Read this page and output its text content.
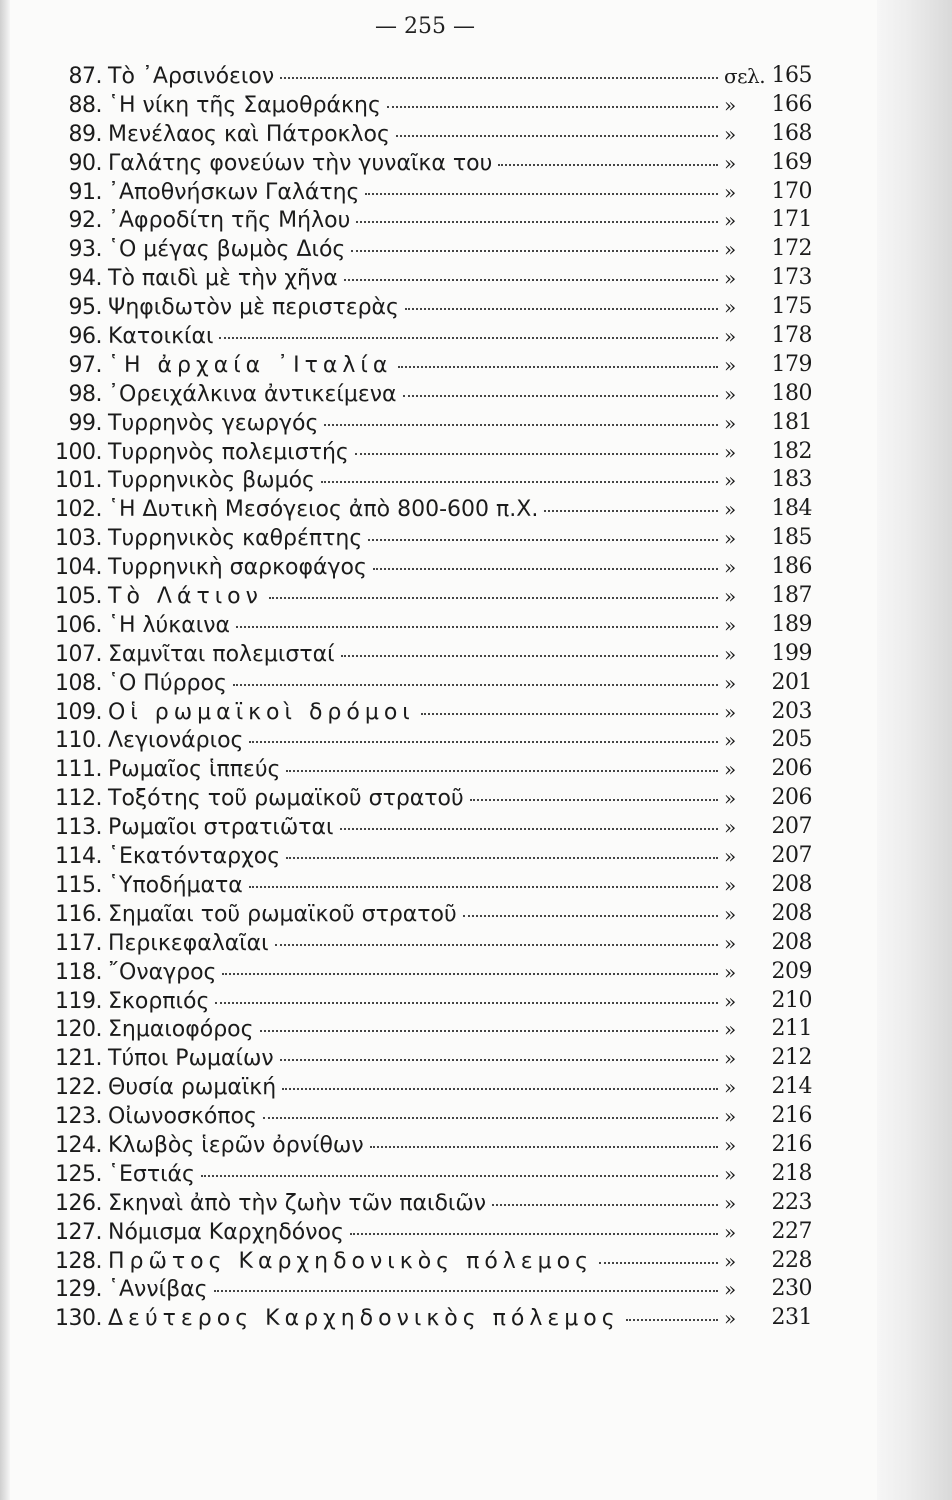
— 255 —
87. Τὸ ᾿Αρσινόειον	σελ. 165
88. ῾Η νίκη τῆς Σαμοθράκης	» 166
89. Μενέλαος καὶ Πάτροκλος	» 168
90. Γαλάτης φονεύων τὴν γυναῖκα του	» 169
91. ᾿Αποθνήσκων Γαλάτης	» 170
92. ᾿Αφροδίτη τῆς Μήλου	» 171
93. ῾Ο μέγας βωμὸς Διός	» 172
94. Τὸ παιδὶ μὲ τὴν χῆνα	» 173
95. Ψηφιδωτὸν μὲ περιστερὰς	» 175
96. Κατοικίαι	» 178
97. ῾Η ἀρχαία ᾿Ιταλία	» 179
98. ᾿Ορειχάλκινα ἀντικείμενα	» 180
99. Τυρρηνὸς γεωργός	» 181
100. Τυρρηνὸς πολεμιστής	» 182
101. Τυρρηνικὸς βωμός	» 183
102. ῾Η Δυτικὴ Μεσόγειος ἀπὸ 800-600 π.Χ.	» 184
103. Τυρρηνικὸς καθρέπτης	» 185
104. Τυρρηνικὴ σαρκοφάγος	» 186
105. Τὸ Λάτιον	» 187
106. ῾Η λύκαινα	» 189
107. Σαμνῖται πολεμισταί	» 199
108. ῾Ο Πύρρος	» 201
109. Οἱ ρωμαϊκοὶ δρόμοι	» 203
110. Λεγιονάριος	» 205
111. Ρωμαῖος ἱππεύς	» 206
112. Τοξότης τοῦ ρωμαϊκοῦ στρατοῦ	» 206
113. Ρωμαῖοι στρατιῶται	» 207
114. ῾Εκατόνταρχος	» 207
115. ῾Υποδήματα	» 208
116. Σημαῖαι τοῦ ρωμαϊκοῦ στρατοῦ	» 208
117. Περικεφαλαῖαι	» 208
118. ῎Οναγρος	» 209
119. Σκορπιός	» 210
120. Σημαιοφόρος	» 211
121. Τύποι Ρωμαίων	» 212
122. Θυσία ρωμαϊκή	» 214
123. Οἰωνοσκόπος	» 216
124. Κλωβὸς ἱερῶν ὀρνίθων	» 216
125. ῾Εστιάς	» 218
126. Σκηναὶ ἀπὸ τὴν ζωὴν τῶν παιδιῶν	» 223
127. Νόμισμα Καρχηδόνος	» 227
128. Πρῶτος Καρχηδονικὸς πόλεμος	» 228
129. ῾Αννίβας	» 230
130. Δεύτερος Καρχηδονικὸς πόλεμος	» 231
